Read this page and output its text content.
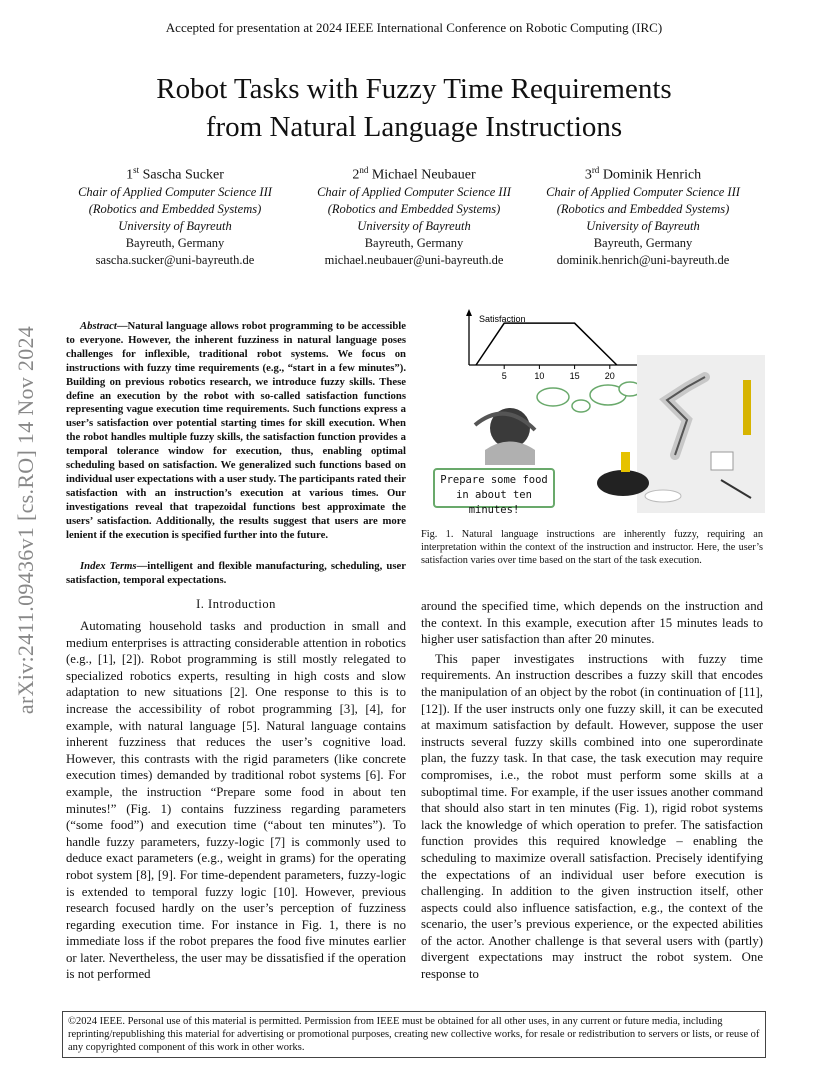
Accepted for presentation at 2024 IEEE International Conference on Robotic Computing (IRC)
Robot Tasks with Fuzzy Time Requirements
from Natural Language Instructions
1st Sascha Sucker
Chair of Applied Computer Science III
(Robotics and Embedded Systems)
University of Bayreuth
Bayreuth, Germany
sascha.sucker@uni-bayreuth.de
2nd Michael Neubauer
Chair of Applied Computer Science III
(Robotics and Embedded Systems)
University of Bayreuth
Bayreuth, Germany
michael.neubauer@uni-bayreuth.de
3rd Dominik Henrich
Chair of Applied Computer Science III
(Robotics and Embedded Systems)
University of Bayreuth
Bayreuth, Germany
dominik.henrich@uni-bayreuth.de
arXiv:2411.09436v1 [cs.RO] 14 Nov 2024	Abstract—Natural language allows robot programming to be accessible to everyone. However, the inherent fuzziness in natural language poses challenges for inflexible, traditional robot systems. We focus on instructions with fuzzy time requirements (e.g., “start in a few minutes”). Building on previous robotics research, we introduce fuzzy skills. These define an execution by the robot with so-called satisfaction functions representing vague execution time requirements. Such functions express a user’s satisfaction over potential starting times for skill execution. When the robot handles multiple fuzzy skills, the satisfaction function provides a temporal tolerance window for execution, thus, enabling optimal scheduling based on satisfaction. We generalized such functions based on individual user expectations with a user study. The participants rated their satisfaction with an instruction’s execution at various times. Our investigations reveal that trapezoidal functions best approximate the users’ satisfaction. Additionally, the results suggest that users are more lenient if the execution is specified further into the future.
Index Terms—intelligent and flexible manufacturing, scheduling, user satisfaction, temporal expectations.
I. Introduction

Automating household tasks and production in small and medium enterprises is attracting considerable attention in robotics (e.g., [1], [2]). Robot programming is still mostly relegated to specialized robotics experts, resulting in high costs and slow adaptation to new situations [2]. One response to this is to increase the accessibility of robot programming [3], [4], for example, with natural language [5]. Natural language contains inherent fuzziness that reduces the user’s cognitive load. However, this contrasts with the rigid parameters (like concrete execution times) demanded by traditional robot systems [6]. For example, the instruction “Prepare some food in about ten minutes!” (Fig. 1) contains fuzziness regarding parameters (“some food”) and execution time (“about ten minutes”). To handle fuzzy parameters, fuzzy-logic [7] is commonly used to deduce exact parameters (e.g., weight in grams) for the operating robot system [8], [9]. For time-dependent parameters, fuzzy-logic is extended to temporal fuzzy logic [10]. However, previous research focused hardly on the user’s perception of fuzziness regarding execution time. For instance in Fig. 1, there is no immediate loss if the robot prepares the food five minutes earlier or later. Nevertheless, the user may be dissatisfied if the operation is not performed

Satisfaction
5	10	15	20
Prepare some food
in about ten minutes!
Fig. 1. Natural language instructions are inherently fuzzy, requiring an interpretation within the context of the instruction and instructor. Here, the user’s satisfaction varies over time based on the start of the task execution.

around the specified time, which depends on the instruction and the context. In this example, execution after 15 minutes leads to higher user satisfaction than after 20 minutes.

This paper investigates instructions with fuzzy time requirements. An instruction describes a fuzzy skill that encodes the manipulation of an object by the robot (in continuation of [11], [12]). If the user instructs only one fuzzy skill, it can be executed at maximum satisfaction by default. However, suppose the user instructs several fuzzy skills combined into one superordinate plan, the fuzzy task. In that case, the task execution may require compromises, i.e., the robot must perform some skills at a suboptimal time. For example, if the user issues another command that should also start in ten minutes (Fig. 1), rigid robot systems lack the knowledge of which operation to prefer. The satisfaction function provides this required knowledge – enabling the scheduling to maximize overall satisfaction. Precisely identifying the expectations of an individual user before execution is challenging. In addition to the given instruction itself, other aspects could also influence satisfaction, e.g., the context of the scenario, the user’s previous experience, or the expected abilities of the actor. Another challenge is that several users with (partly) divergent expectations may instruct the robot system. One response to

©2024 IEEE. Personal use of this material is permitted. Permission from IEEE must be obtained for all other uses, in any current or future media, including reprinting/republishing this material for advertising or promotional purposes, creating new collective works, for resale or redistribution to servers or lists, or reuse of any copyrighted component of this work in other works.
